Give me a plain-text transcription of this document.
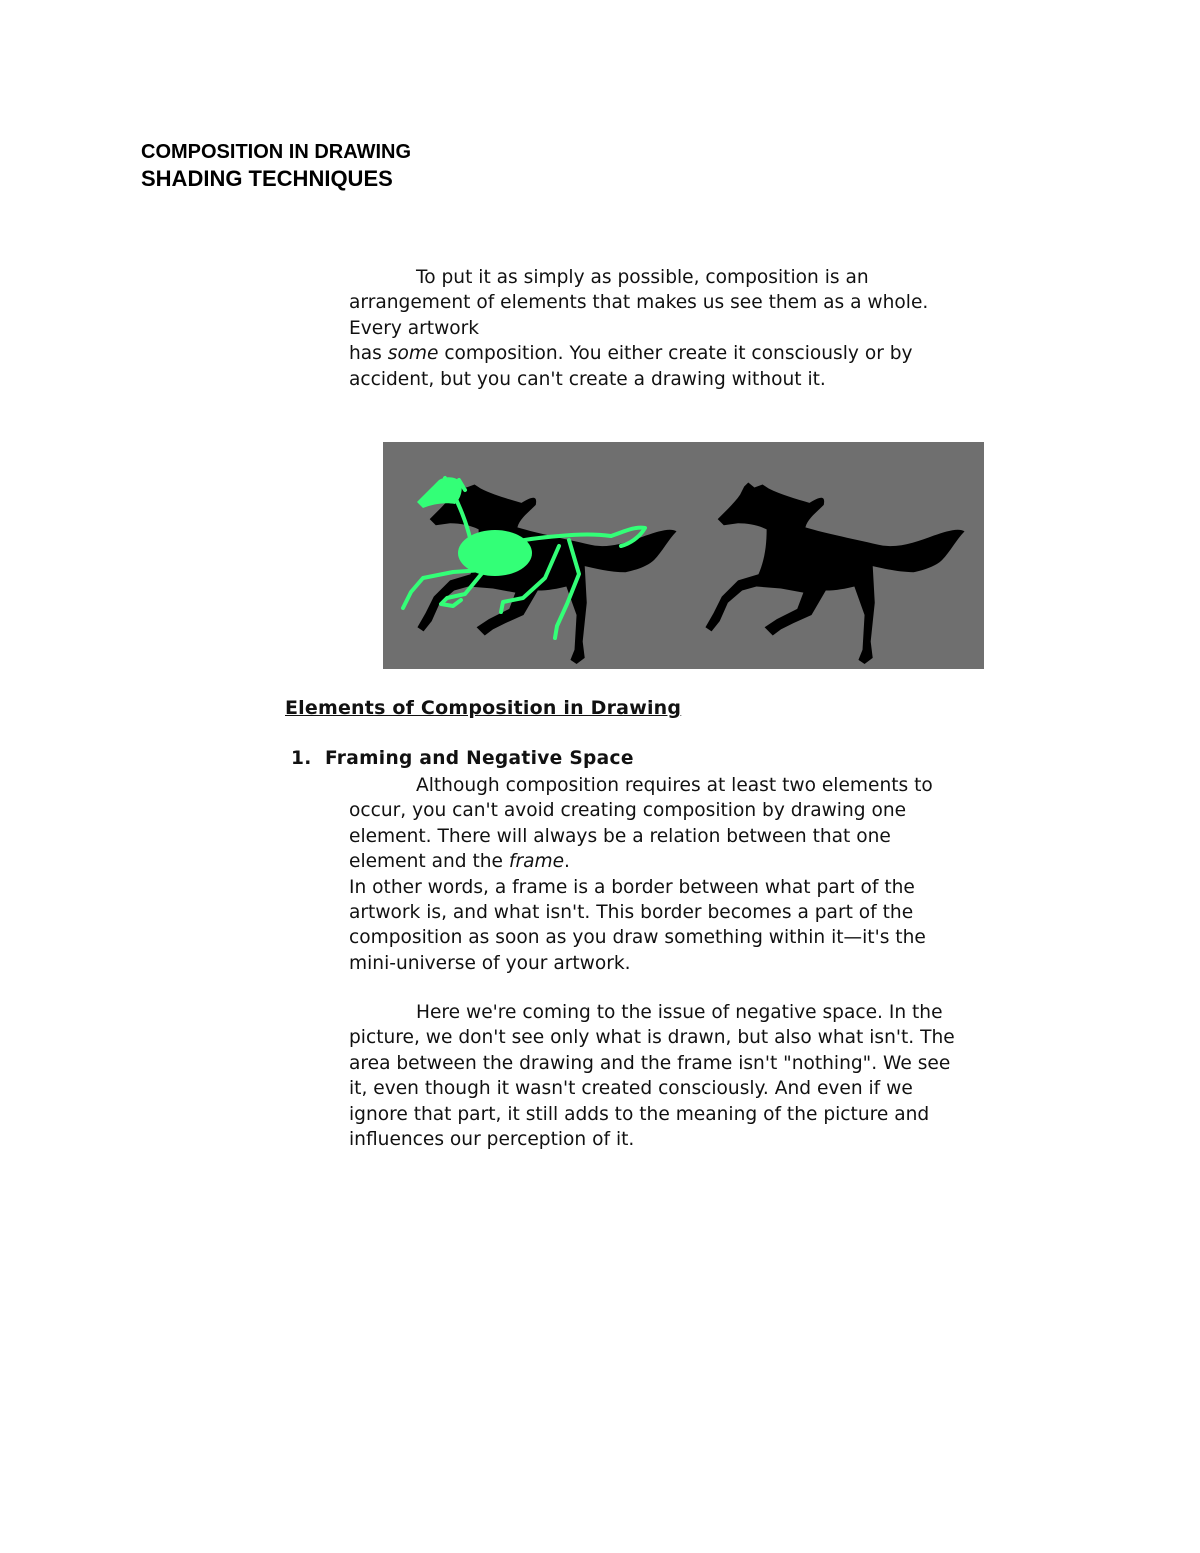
COMPOSITION IN DRAWING
SHADING TECHNIQUES

To put it as simply as possible, composition is an
arrangement of elements that makes us see them as a whole.
Every artwork
has some composition. You either create it consciously or by
accident, but you can't create a drawing without it.

Elements of Composition in Drawing

1. Framing and Negative Space

Although composition requires at least two elements to
occur, you can't avoid creating composition by drawing one
element. There will always be a relation between that one
element and the frame.
In other words, a frame is a border between what part of the
artwork is, and what isn't. This border becomes a part of the
composition as soon as you draw something within it—it's the
mini-universe of your artwork.

Here we're coming to the issue of negative space. In the
picture, we don't see only what is drawn, but also what isn't. The
area between the drawing and the frame isn't "nothing". We see
it, even though it wasn't created consciously. And even if we
ignore that part, it still adds to the meaning of the picture and
influences our perception of it.
